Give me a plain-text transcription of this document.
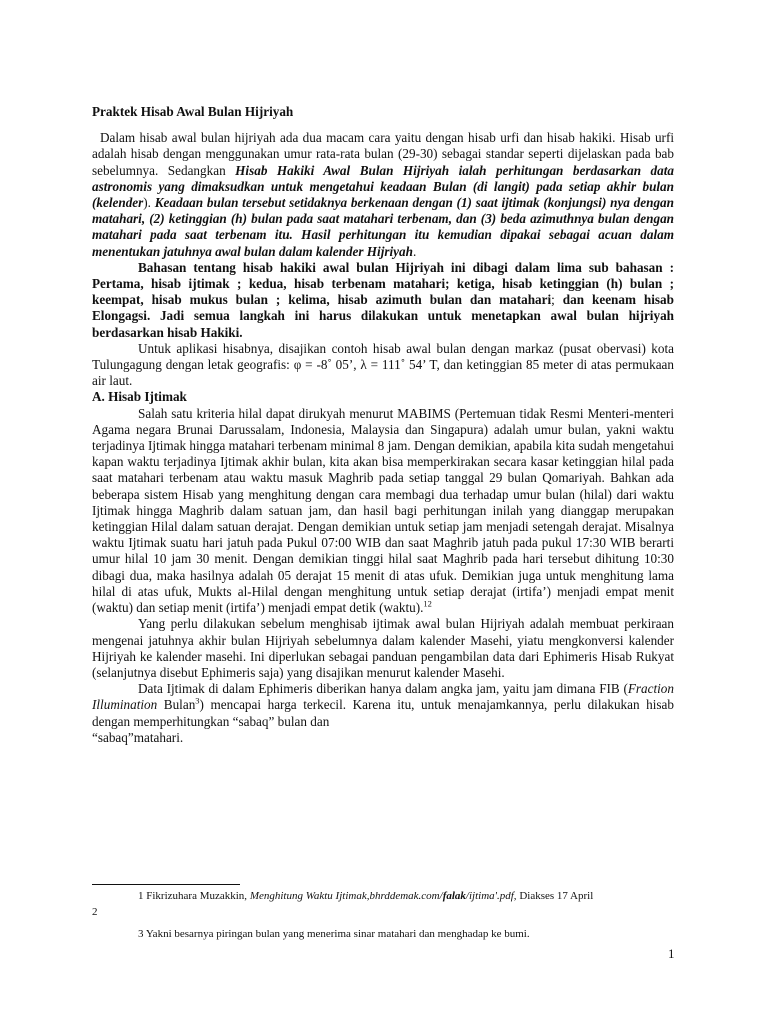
Praktek Hisab Awal Bulan Hijriyah

Dalam hisab awal bulan hijriyah ada dua macam cara yaitu dengan hisab urfi dan hisab hakiki. Hisab urfi adalah hisab dengan menggunakan umur rata-rata bulan (29-30) sebagai standar seperti dijelaskan pada bab sebelumnya. Sedangkan Hisab Hakiki Awal Bulan Hijriyah ialah perhitungan berdasarkan data astronomis yang dimaksudkan untuk mengetahui keadaan Bulan (di langit) pada setiap akhir bulan (kelender). Keadaan bulan tersebut setidaknya berkenaan dengan (1) saat ijtimak (konjungsi) nya dengan matahari, (2) ketinggian (h) bulan pada saat matahari terbenam, dan (3) beda azimuthnya bulan dengan matahari pada saat terbenam itu. Hasil perhitungan itu kemudian dipakai sebagai acuan dalam menentukan jatuhnya awal bulan dalam kalender Hijriyah.

Bahasan tentang hisab hakiki awal bulan Hijriyah ini dibagi dalam lima sub bahasan : Pertama, hisab ijtimak ; kedua, hisab terbenam matahari; ketiga, hisab ketinggian (h) bulan ; keempat, hisab mukus bulan ; kelima, hisab azimuth bulan dan matahari; dan keenam hisab Elongagsi. Jadi semua langkah ini harus dilakukan untuk menetapkan awal bulan hijriyah berdasarkan hisab Hakiki.

Untuk aplikasi hisabnya, disajikan contoh hisab awal bulan dengan markaz (pusat obervasi) kota Tulungagung dengan letak geografis: φ = -8˚ 05’, λ = 111˚ 54’ T, dan ketinggian 85 meter di atas permukaan air laut.

A. Hisab Ijtimak

Salah satu kriteria hilal dapat dirukyah menurut MABIMS (Pertemuan tidak Resmi Menteri-menteri Agama negara Brunai Darussalam, Indonesia, Malaysia dan Singapura) adalah umur bulan, yakni waktu terjadinya Ijtimak hingga matahari terbenam minimal 8 jam. Dengan demikian, apabila kita sudah mengetahui kapan waktu terjadinya Ijtimak akhir bulan, kita akan bisa memperkirakan secara kasar ketinggian hilal pada saat matahari terbenam atau waktu masuk Maghrib pada setiap tanggal 29 bulan Qomariyah. Bahkan ada beberapa sistem Hisab yang menghitung dengan cara membagi dua terhadap umur bulan (hilal) dari waktu Ijtimak hingga Maghrib dalam satuan jam, dan hasil bagi perhitungan inilah yang dianggap merupakan ketinggian Hilal dalam satuan derajat. Dengan demikian untuk setiap jam menjadi setengah derajat. Misalnya waktu Ijtimak suatu hari jatuh pada Pukul 07:00 WIB dan saat Maghrib jatuh pada pukul 17:30 WIB berarti umur hilal 10 jam 30 menit. Dengan demikian tinggi hilal saat Maghrib pada hari tersebut dihitung 10:30 dibagi dua, maka hasilnya adalah 05 derajat 15 menit di atas ufuk. Demikian juga untuk menghitung lama hilal di atas ufuk, Mukts al-Hilal dengan menghitung untuk setiap derajat (irtifa’) menjadi empat menit (waktu) dan setiap menit (irtifa’) menjadi empat detik (waktu).$^{12}$

Yang perlu dilakukan sebelum menghisab ijtimak awal bulan Hijriyah adalah membuat perkiraan mengenai jatuhnya akhir bulan Hijriyah sebelumnya dalam kalender Masehi, yiatu mengkonversi kalender Hijriyah ke kalender masehi. Ini diperlukan sebagai panduan pengambilan data dari Ephimeris Hisab Rukyat (selanjutnya disebut Ephimeris saja) yang disajikan menurut kalender Masehi.

Data Ijtimak di dalam Ephimeris diberikan hanya dalam angka jam, yaitu jam dimana FIB (Fraction Illumination Bulan$^3$) mencapai harga terkecil. Karena itu, untuk menajamkannya, perlu dilakukan hisab dengan memperhitungkan “sabaq” bulan dan

“sabaq”matahari.

1 Fikrizuhara Muzakkin, Menghitung Waktu Ijtimak,bhrddemak.com/falak/ijtima'.pdf, Diakses 17 April

2

3 Yakni besarnya piringan bulan yang menerima sinar matahari dan menghadap ke bumi.

1
